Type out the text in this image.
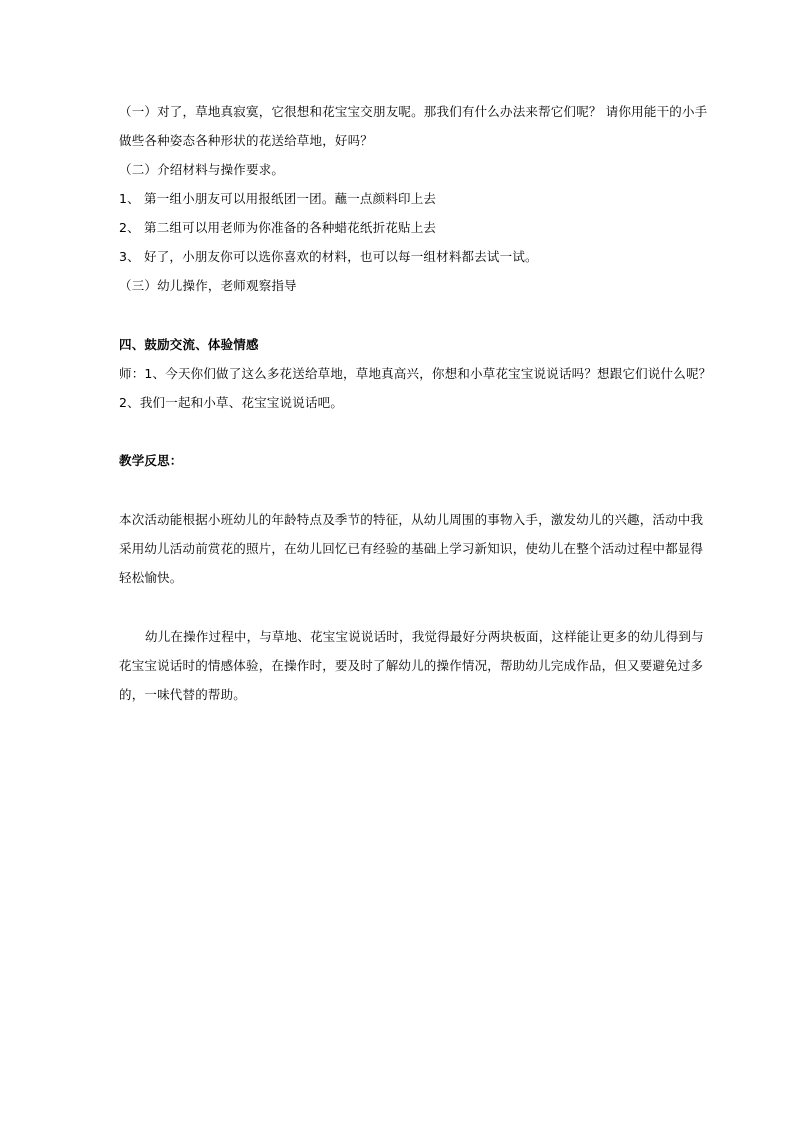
（一）对了，草地真寂寞，它很想和花宝宝交朋友呢。那我们有什么办法来帮它们呢？ 请你用能干的小手
做些各种姿态各种形状的花送给草地，好吗？
（二）介绍材料与操作要求。
1、 第一组小朋友可以用报纸团一团。蘸一点颜料印上去
2、 第二组可以用老师为你准备的各种蜡花纸折花贴上去
3、 好了，小朋友你可以选你喜欢的材料，也可以每一组材料都去试一试。
（三）幼儿操作，老师观察指导
四、鼓励交流、体验情感
师：1、今天你们做了这么多花送给草地，草地真高兴，你想和小草花宝宝说说话吗？想跟它们说什么呢？
2、我们一起和小草、花宝宝说说话吧。
教学反思：
本次活动能根据小班幼儿的年龄特点及季节的特征，从幼儿周围的事物入手，激发幼儿的兴趣，活动中我
采用幼儿活动前赏花的照片，在幼儿回忆已有经验的基础上学习新知识，使幼儿在整个活动过程中都显得
轻松愉快。
幼儿在操作过程中，与草地、花宝宝说说话时，我觉得最好分两块板面，这样能让更多的幼儿得到与
花宝宝说话时的情感体验，在操作时，要及时了解幼儿的操作情况，帮助幼儿完成作品，但又要避免过多
的，一味代替的帮助。
